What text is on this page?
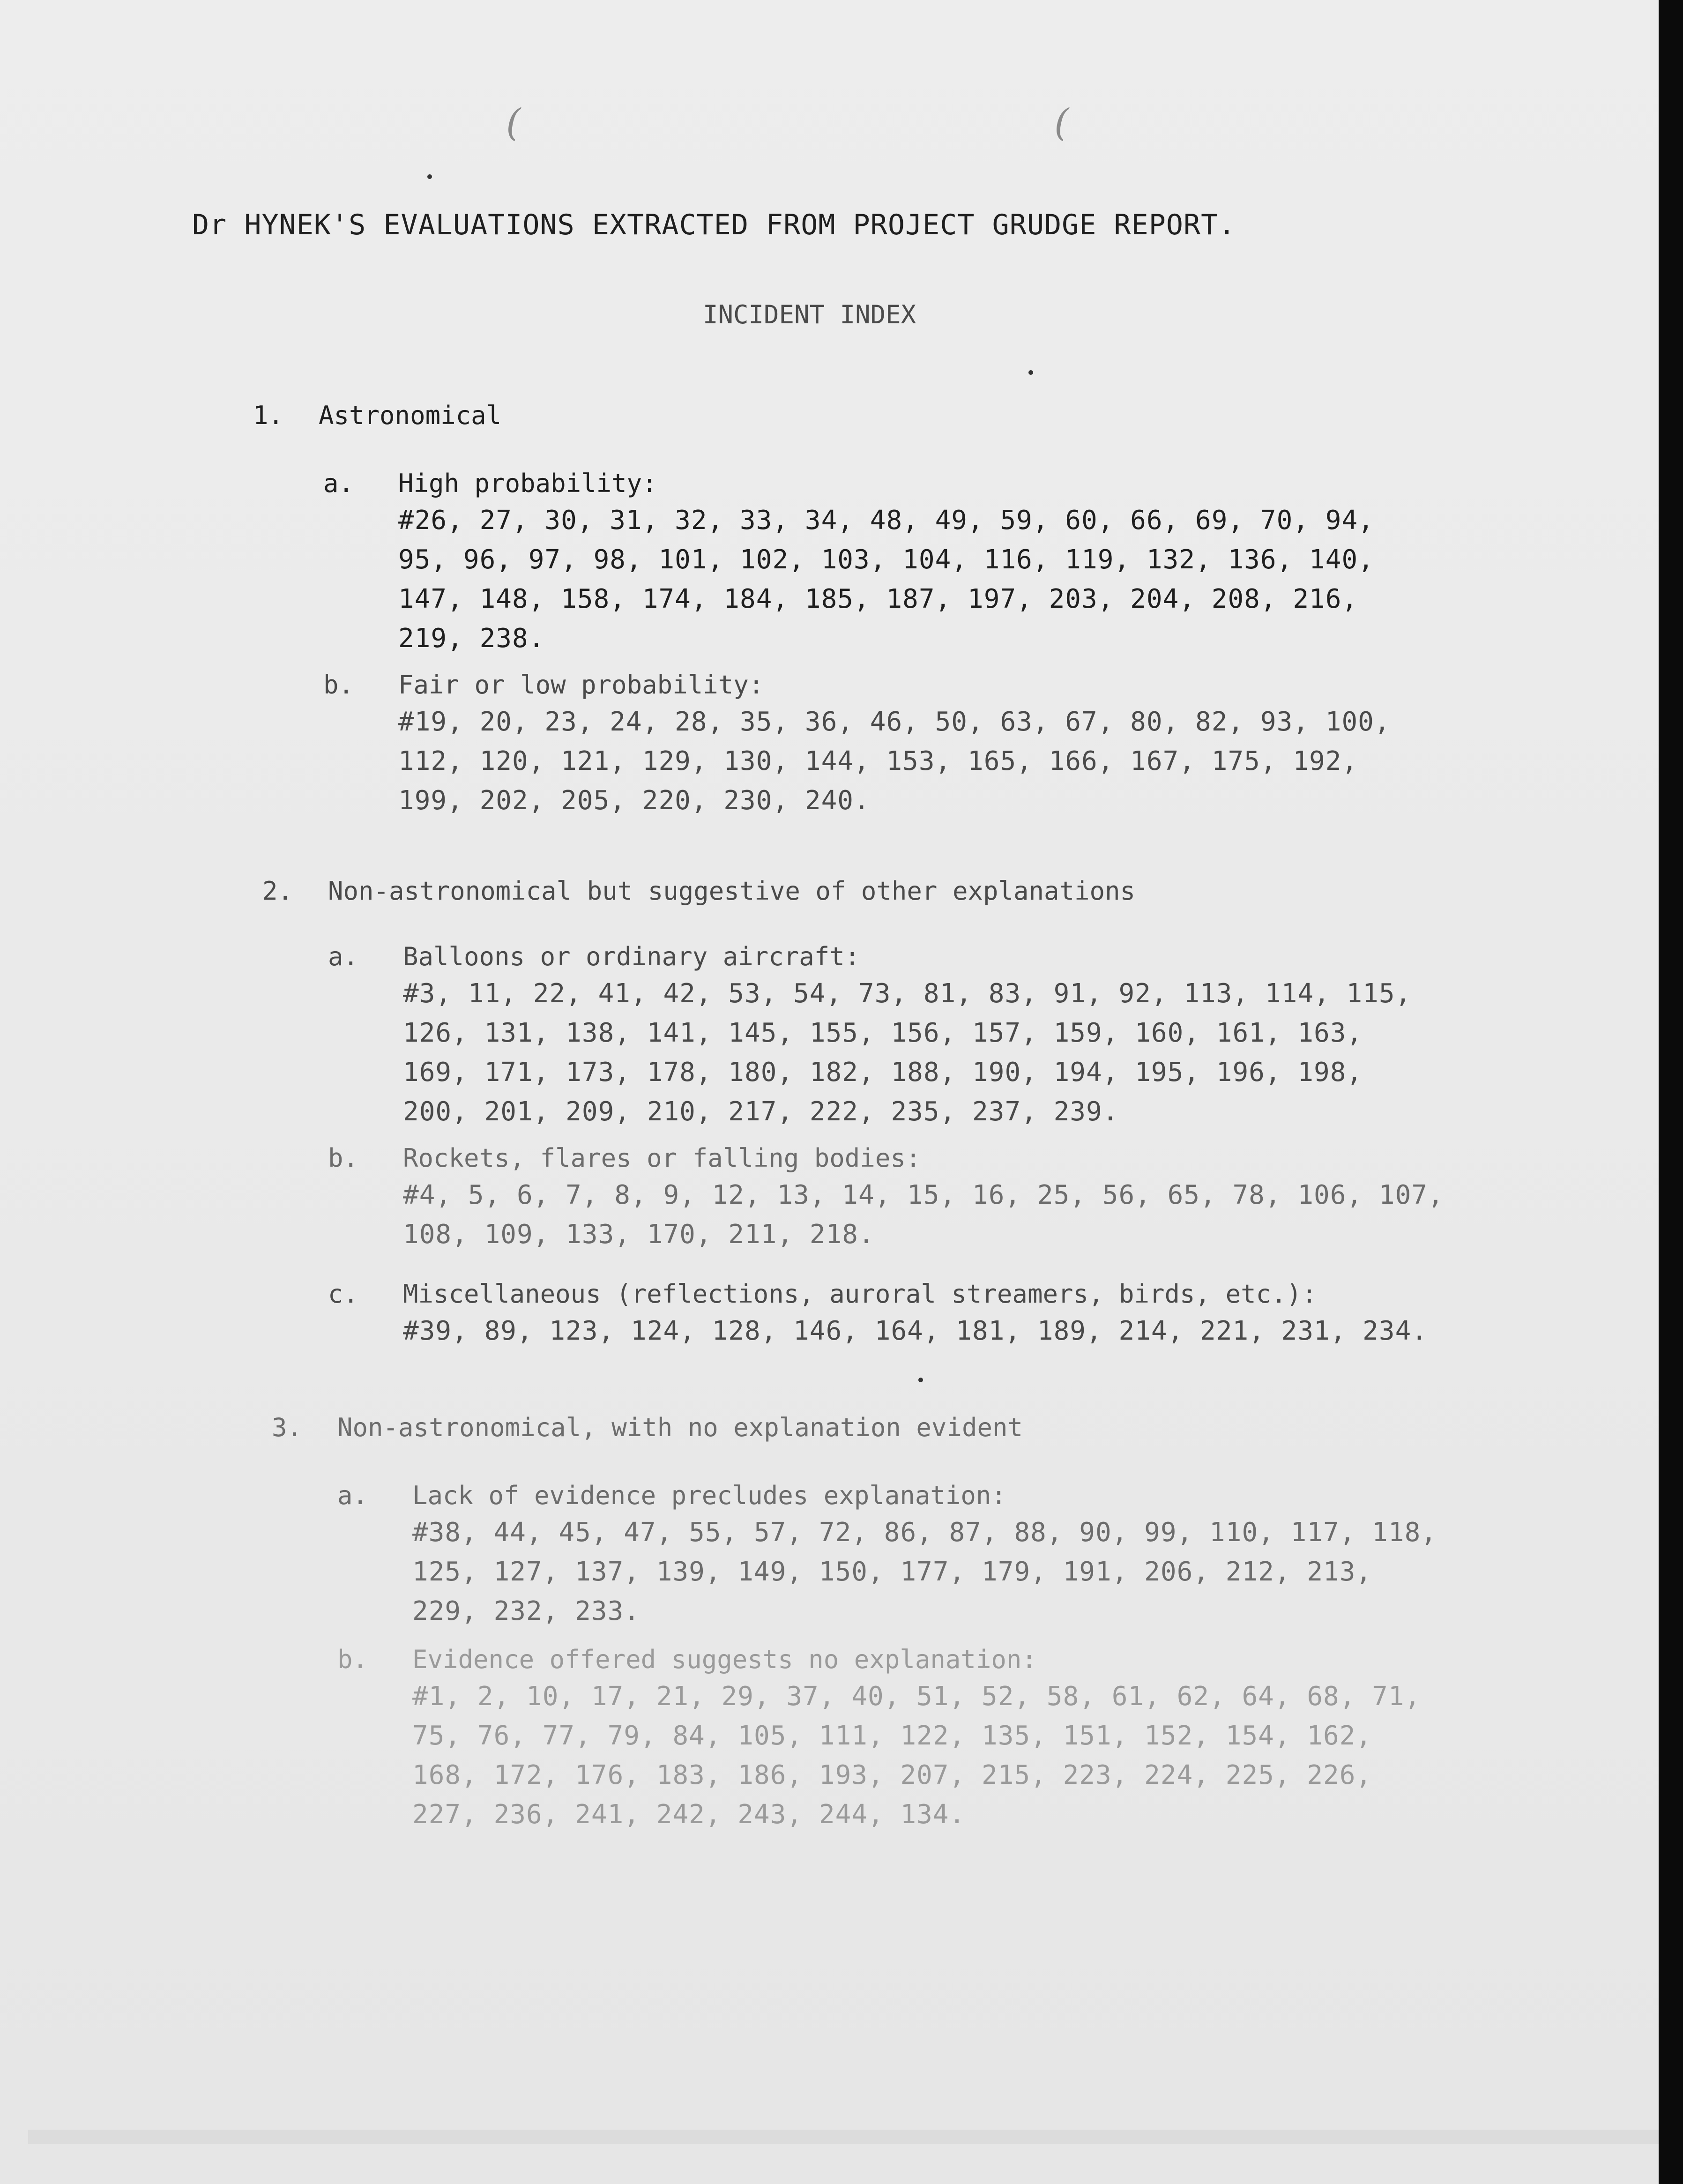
(	(
Dr HYNEK'S EVALUATIONS EXTRACTED FROM PROJECT GRUDGE REPORT.
INCIDENT INDEX
1.	Astronomical
a.	High probability:
#26, 27, 30, 31, 32, 33, 34, 48, 49, 59, 60, 66, 69, 70, 94,
95, 96, 97, 98, 101, 102, 103, 104, 116, 119, 132, 136, 140,
147, 148, 158, 174, 184, 185, 187, 197, 203, 204, 208, 216,
219, 238.
b.	Fair or low probability:
#19, 20, 23, 24, 28, 35, 36, 46, 50, 63, 67, 80, 82, 93, 100,
112, 120, 121, 129, 130, 144, 153, 165, 166, 167, 175, 192,
199, 202, 205, 220, 230, 240.
2.	Non-astronomical but suggestive of other explanations
a.	Balloons or ordinary aircraft:
#3, 11, 22, 41, 42, 53, 54, 73, 81, 83, 91, 92, 113, 114, 115,
126, 131, 138, 141, 145, 155, 156, 157, 159, 160, 161, 163,
169, 171, 173, 178, 180, 182, 188, 190, 194, 195, 196, 198,
200, 201, 209, 210, 217, 222, 235, 237, 239.
b.	Rockets, flares or falling bodies:
#4, 5, 6, 7, 8, 9, 12, 13, 14, 15, 16, 25, 56, 65, 78, 106, 107,
108, 109, 133, 170, 211, 218.
c.	Miscellaneous (reflections, auroral streamers, birds, etc.):
#39, 89, 123, 124, 128, 146, 164, 181, 189, 214, 221, 231, 234.
3.	Non-astronomical, with no explanation evident
a.	Lack of evidence precludes explanation:
#38, 44, 45, 47, 55, 57, 72, 86, 87, 88, 90, 99, 110, 117, 118,
125, 127, 137, 139, 149, 150, 177, 179, 191, 206, 212, 213,
229, 232, 233.
b.	Evidence offered suggests no explanation:
#1, 2, 10, 17, 21, 29, 37, 40, 51, 52, 58, 61, 62, 64, 68, 71,
75, 76, 77, 79, 84, 105, 111, 122, 135, 151, 152, 154, 162,
168, 172, 176, 183, 186, 193, 207, 215, 223, 224, 225, 226,
227, 236, 241, 242, 243, 244, 134.
